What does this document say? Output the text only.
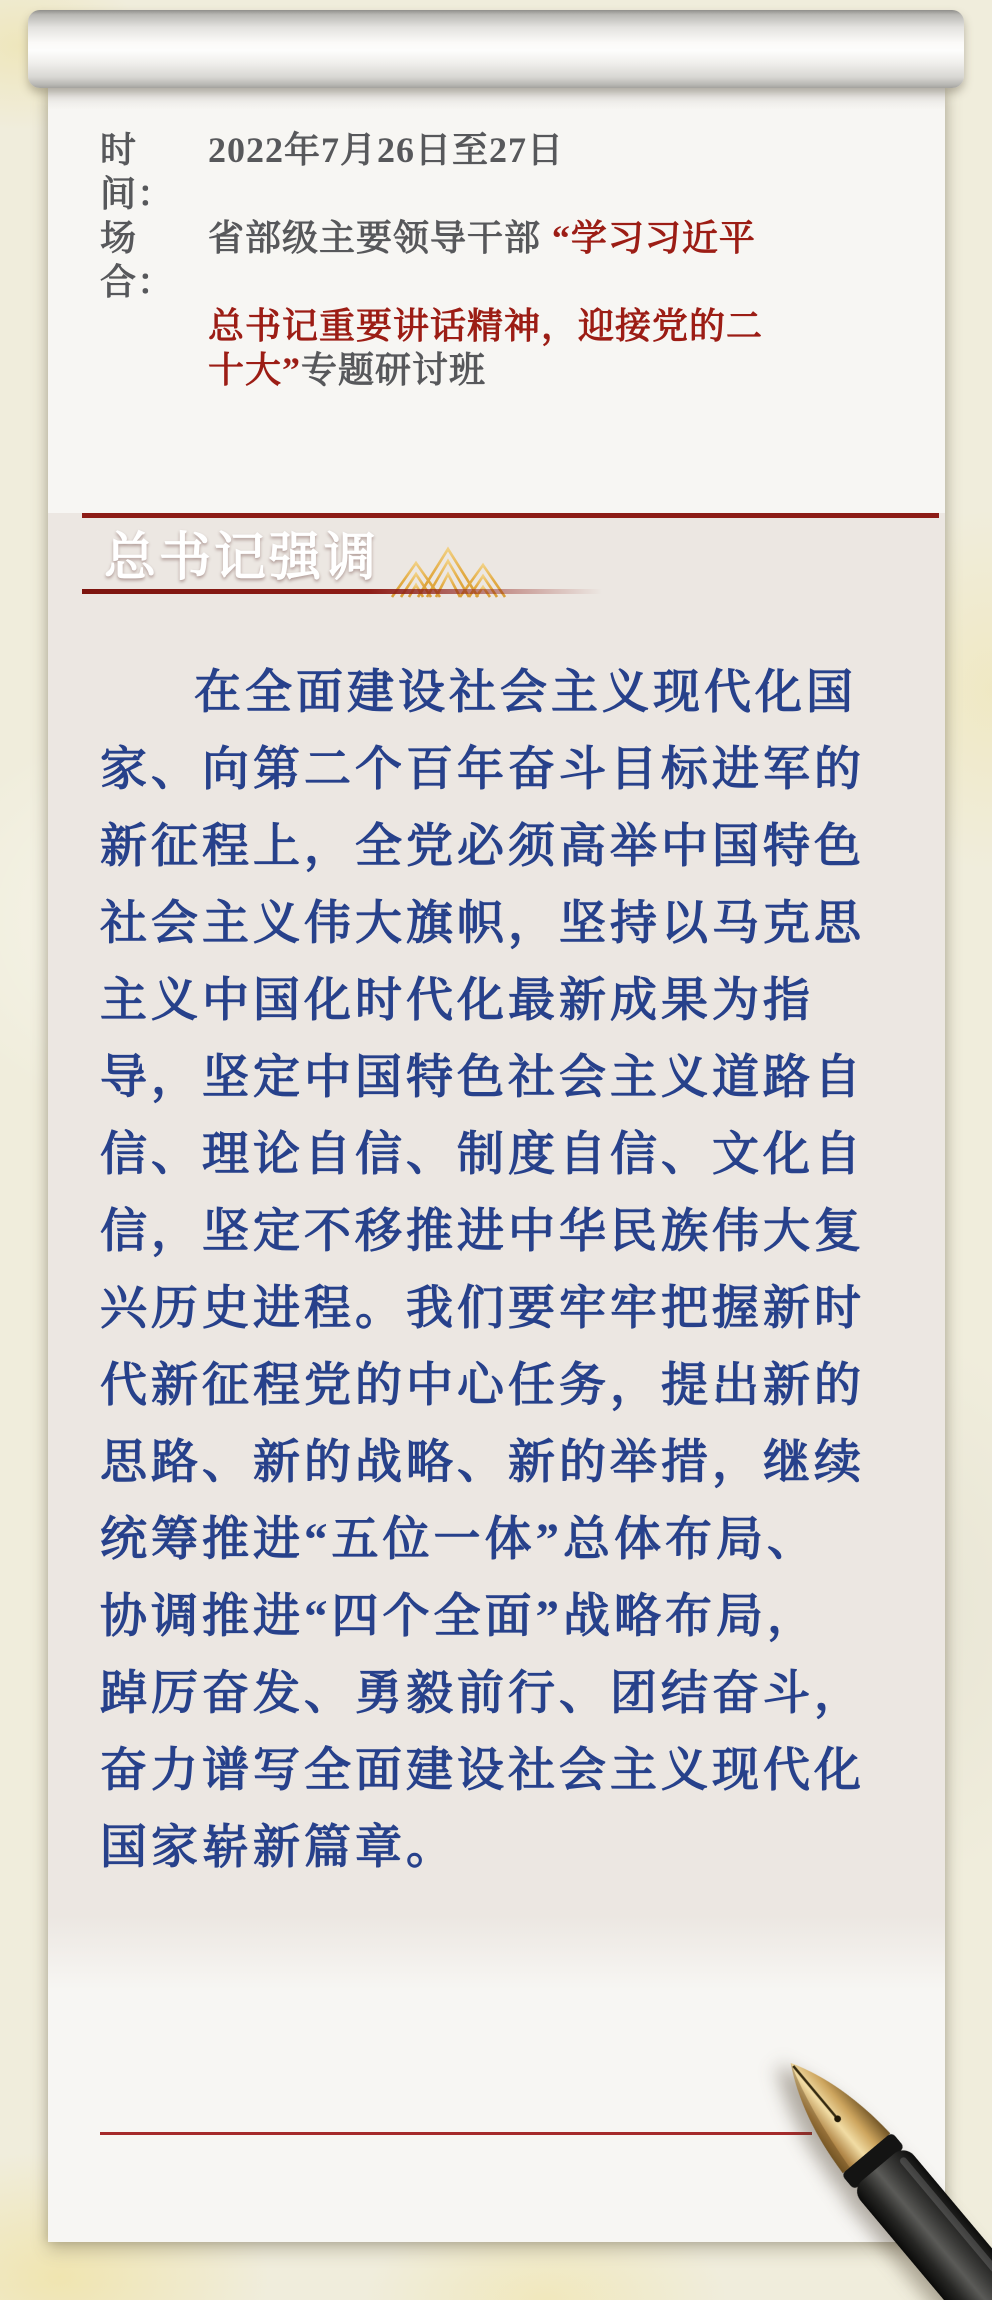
时间：
2022年7月26日至27日
场合：
省部级主要领导干部 “学习习近平
总书记重要讲话精神，迎接党的二
十大”专题研讨班
总书记强调
在全面建设社会主义现代化国
家、向第二个百年奋斗目标进军的
新征程上，全党必须高举中国特色
社会主义伟大旗帜，坚持以马克思
主义中国化时代化最新成果为指
导，坚定中国特色社会主义道路自
信、理论自信、制度自信、文化自
信，坚定不移推进中华民族伟大复
兴历史进程。我们要牢牢把握新时
代新征程党的中心任务，提出新的
思路、新的战略、新的举措，继续
统筹推进“五位一体”总体布局、
协调推进“四个全面”战略布局，
踔厉奋发、勇毅前行、团结奋斗，
奋力谱写全面建设社会主义现代化
国家崭新篇章。
